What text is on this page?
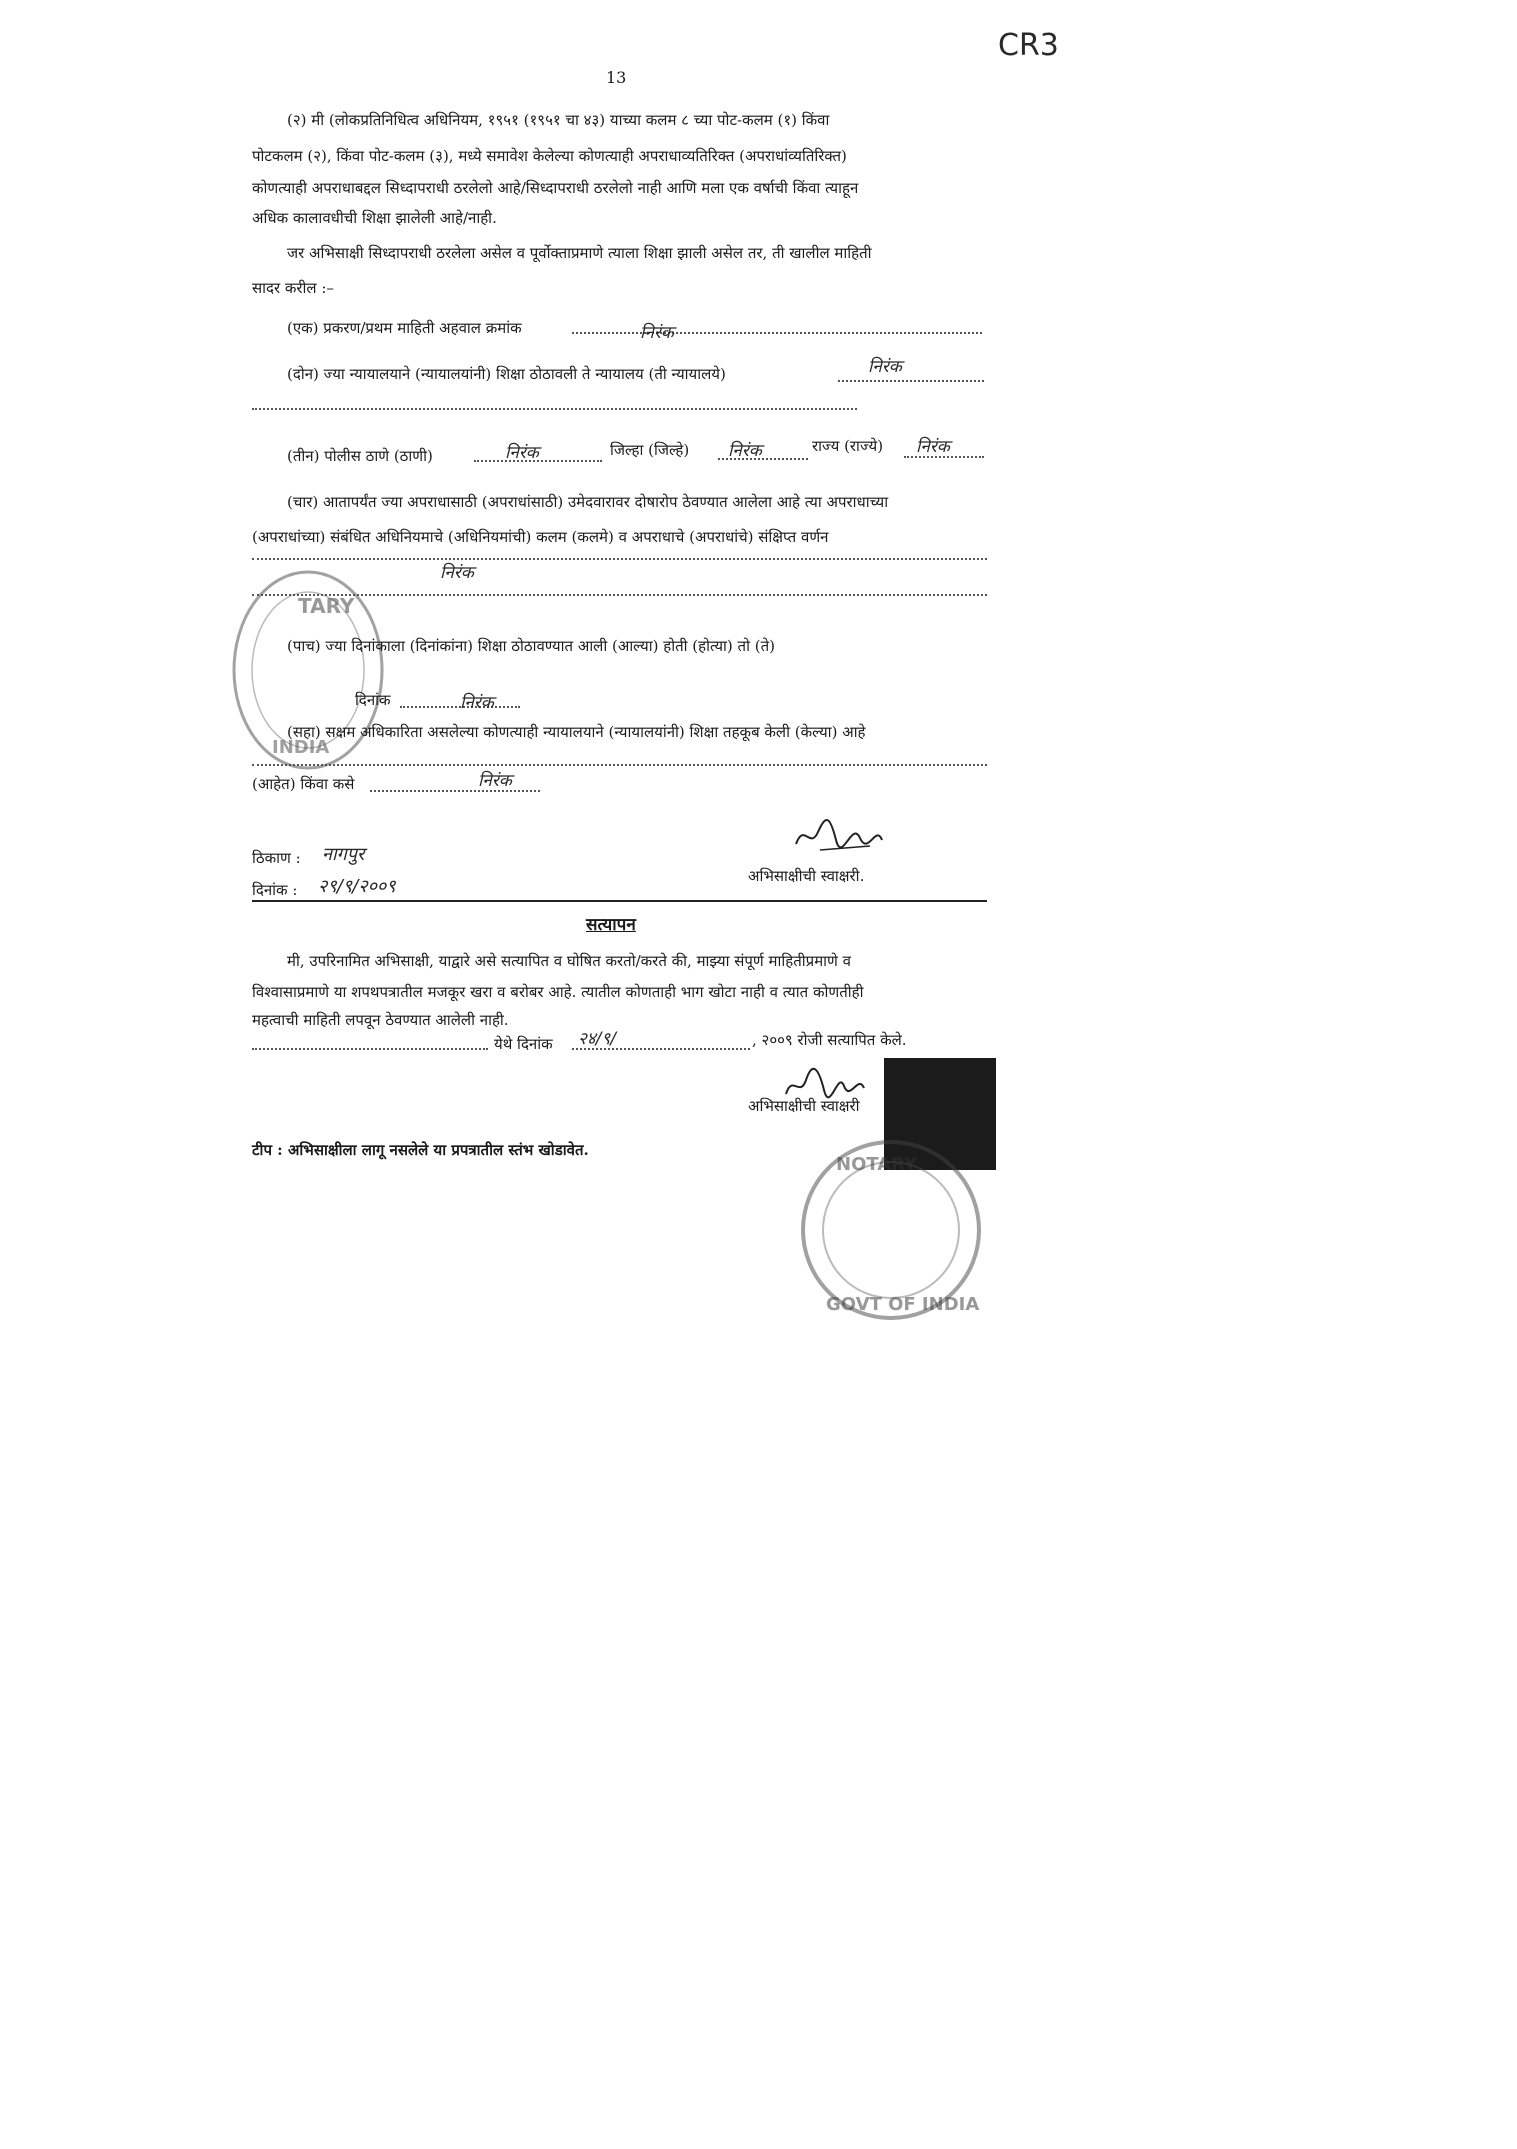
CR3
13
(२) मी (लोकप्रतिनिधित्व अधिनियम, १९५१ (१९५१ चा ४३) याच्या कलम ८ च्या पोट-कलम (१) किंवा
पोटकलम (२), किंवा पोट-कलम (३), मध्ये समावेश केलेल्या कोणत्याही अपराधाव्यतिरिक्त (अपराधांव्यतिरिक्त)
कोणत्याही अपराधाबद्दल सिध्दापराधी ठरलेलो आहे/सिध्दापराधी ठरलेलो नाही आणि मला एक वर्षाची किंवा त्याहून
अधिक कालावधीची शिक्षा झालेली आहे/नाही.
जर अभिसाक्षी सिध्दापराधी ठरलेला असेल व पूर्वोक्ताप्रमाणे त्याला शिक्षा झाली असेल तर, ती खालील माहिती
सादर करील :–
(एक) प्रकरण/प्रथम माहिती अहवाल क्रमांक	निरंक
(दोन) ज्या न्यायालयाने (न्यायालयांनी) शिक्षा ठोठावली ते न्यायालय (ती न्यायालये)	निरंक
(तीन) पोलीस ठाणे (ठाणी)	निरंक	जिल्हा (जिल्हे) निरंक	राज्य (राज्ये) निरंक
(चार) आतापर्यंत ज्या अपराधासाठी (अपराधांसाठी) उमेदवारावर दोषारोप ठेवण्यात आलेला आहे त्या अपराधाच्या
(अपराधांच्या) संबंधित अधिनियमाचे (अधिनियमांची) कलम (कलमे) व अपराधाचे (अपराधांचे) संक्षिप्त वर्णन
निरंक
TARY
INDIA
(पाच) ज्या दिनांकाला (दिनांकांना) शिक्षा ठोठावण्यात आली (आल्या) होती (होत्या) तो (ते)
दिनांक	निरंक
(सहा) सक्षम अधिकारिता असलेल्या कोणत्याही न्यायालयाने (न्यायालयांनी) शिक्षा तहकूब केली (केल्या) आहे
(आहेत) किंवा कसे	निरंक
ठिकाण : नागपुर
दिनांक : २९/९/२००९	अभिसाक्षीची स्वाक्षरी.
सत्यापन
मी, उपरिनामित अभिसाक्षी, याद्वारे असे सत्यापित व घोषित करतो/करते की, माझ्या संपूर्ण माहितीप्रमाणे व
विश्वासाप्रमाणे या शपथपत्रातील मजकूर खरा व बरोबर आहे. त्यातील कोणताही भाग खोटा नाही व त्यात कोणतीही
महत्वाची माहिती लपवून ठेवण्यात आलेली नाही.
येथे दिनांक २४/९/	, २००९ रोजी सत्यापित केले.
अभिसाक्षीची स्वाक्षरी
NOTARY
GOVT OF INDIA
टीप : अभिसाक्षीला लागू नसलेले या प्रपत्रातील स्तंभ खोडावेत.
